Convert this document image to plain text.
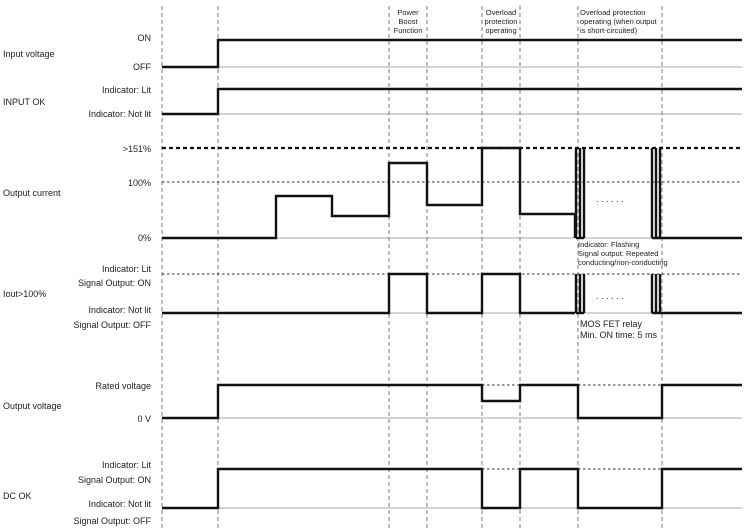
Power
Boost
Function
Overload
protection
operating
Overload protection
operating (when output
is short-circuited)
Input voltage
ON
OFF
INPUT OK
Indicator: Lit
Indicator: Not lit
Output current
>151%
100%
0%
. . . . . .
Indicator: Flashing
Signal output: Repeated
conducting/non-conducting
Iout>100%
Indicator: Lit
Signal Output: ON
Indicator: Not lit
Signal Output: OFF
. . . . . .
MOS FET relay
Min. ON time: 5 ms
Output voltage
Rated voltage
0 V
DC OK
Indicator: Lit
Signal Output: ON
Indicator: Not lit
Signal Output: OFF
